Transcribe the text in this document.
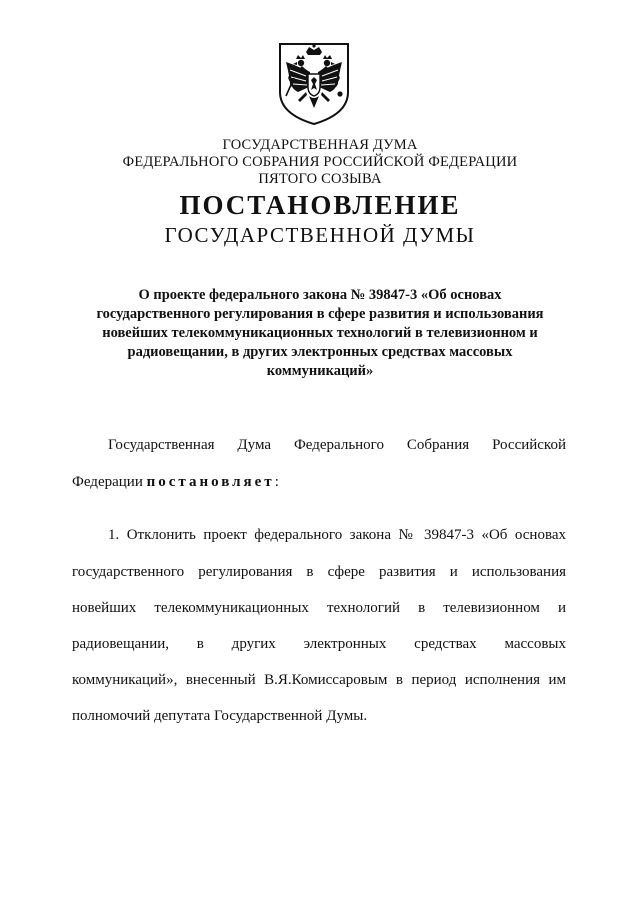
ГОСУДАРСТВЕННАЯ ДУМА
ФЕДЕРАЛЬНОГО СОБРАНИЯ РОССИЙСКОЙ ФЕДЕРАЦИИ
ПЯТОГО СОЗЫВА
ПОСТАНОВЛЕНИЕ
ГОСУДАРСТВЕННОЙ ДУМЫ
О проекте федерального закона № 39847-3 «Об основах
государственного регулирования в сфере развития и использования
новейших телекоммуникационных технологий в телевизионном и
радиовещании, в других электронных средствах массовых
коммуникаций»
Государственная Дума Федерального Собрания Российской
Федерации постановляет:
1. Отклонить проект федерального закона № 39847-3 «Об основах
государственного регулирования в сфере развития и использования
новейших телекоммуникационных технологий в телевизионном и
радиовещании, в других электронных средствах массовых
коммуникаций», внесенный В.Я.Комиссаровым в период исполнения им
полномочий депутата Государственной Думы.
